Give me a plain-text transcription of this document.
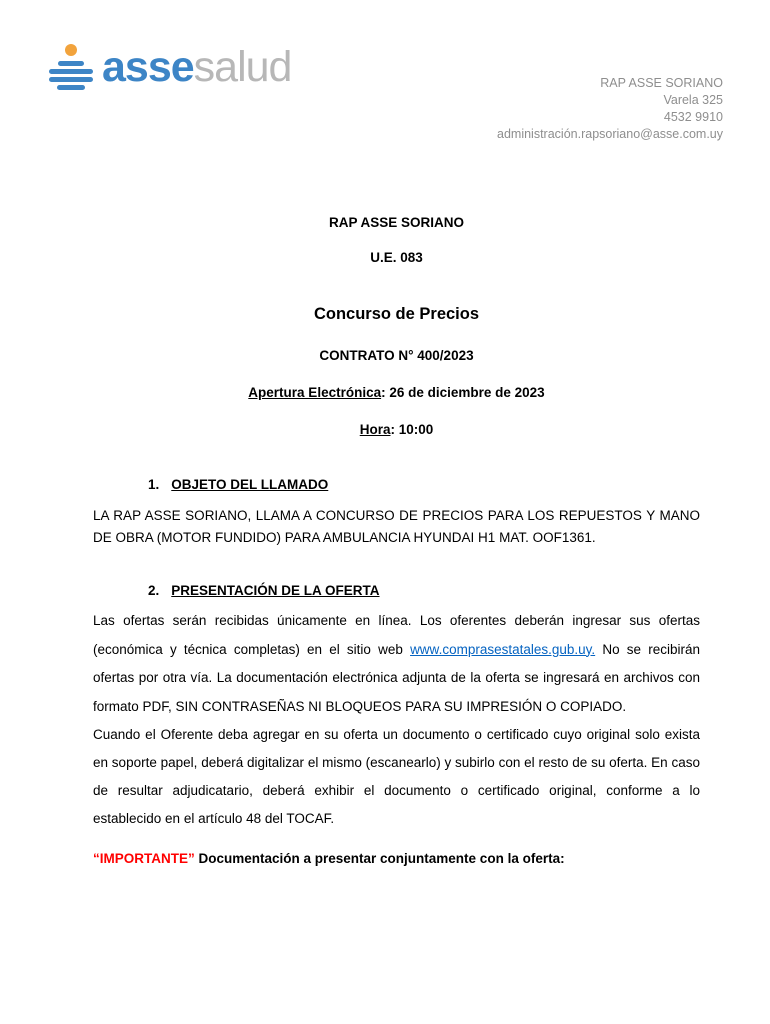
assesalud	RAP ASSE SORIANO
Varela 325
4532 9910
administración.rapsoriano@asse.com.uy

RAP ASSE SORIANO

U.E. 083

Concurso de Precios

CONTRATO N° 400/2023

Apertura Electrónica: 26 de diciembre de 2023

Hora: 10:00

1. OBJETO DEL LLAMADO

LA RAP ASSE SORIANO, LLAMA A CONCURSO DE PRECIOS PARA LOS REPUESTOS Y MANO DE OBRA (MOTOR FUNDIDO) PARA AMBULANCIA HYUNDAI H1 MAT. OOF1361.

2. PRESENTACIÓN DE LA OFERTA

Las ofertas serán recibidas únicamente en línea. Los oferentes deberán ingresar sus ofertas (económica y técnica completas) en el sitio web www.comprasestatales.gub.uy. No se recibirán ofertas por otra vía. La documentación electrónica adjunta de la oferta se ingresará en archivos con formato PDF, SIN CONTRASEÑAS NI BLOQUEOS PARA SU IMPRESIÓN O COPIADO.

Cuando el Oferente deba agregar en su oferta un documento o certificado cuyo original solo exista en soporte papel, deberá digitalizar el mismo (escanearlo) y subirlo con el resto de su oferta. En caso de resultar adjudicatario, deberá exhibir el documento o certificado original, conforme a lo establecido en el artículo 48 del TOCAF.

“IMPORTANTE” Documentación a presentar conjuntamente con la oferta:
